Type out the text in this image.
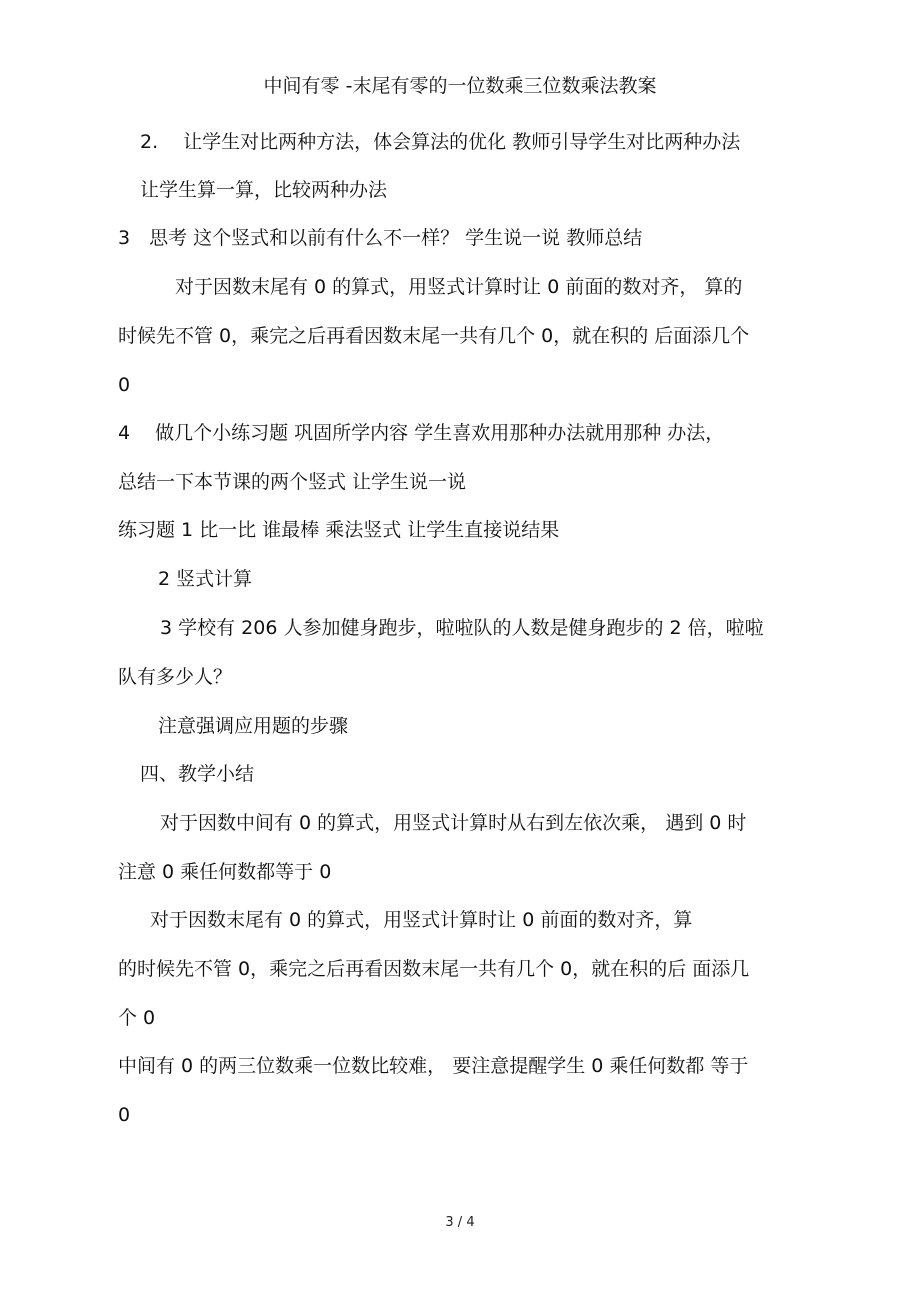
中间有零 -末尾有零的一位数乘三位数乘法教案
2.　 让学生对比两种方法，体会算法的优化 教师引导学生对比两种办法
让学生算一算，比较两种办法
3　思考 这个竖式和以前有什么不一样？ 学生说一说 教师总结
对于因数末尾有 0 的算式，用竖式计算时让 0 前面的数对齐， 算的
时候先不管 0，乘完之后再看因数末尾一共有几个 0，就在积的 后面添几个
0
4　 做几个小练习题 巩固所学内容 学生喜欢用那种办法就用那种 办法，
总结一下本节课的两个竖式 让学生说一说
练习题 1 比一比 谁最棒 乘法竖式 让学生直接说结果
2 竖式计算
3 学校有 206 人参加健身跑步，啦啦队的人数是健身跑步的 2 倍，啦啦
队有多少人？
注意强调应用题的步骤
四、教学小结
对于因数中间有 0 的算式，用竖式计算时从右到左依次乘， 遇到 0 时
注意 0 乘任何数都等于 0
对于因数末尾有 0 的算式，用竖式计算时让 0 前面的数对齐，算
的时候先不管 0，乘完之后再看因数末尾一共有几个 0，就在积的后 面添几
个 0
中间有 0 的两三位数乘一位数比较难， 要注意提醒学生 0 乘任何数都 等于
0
3 / 4
